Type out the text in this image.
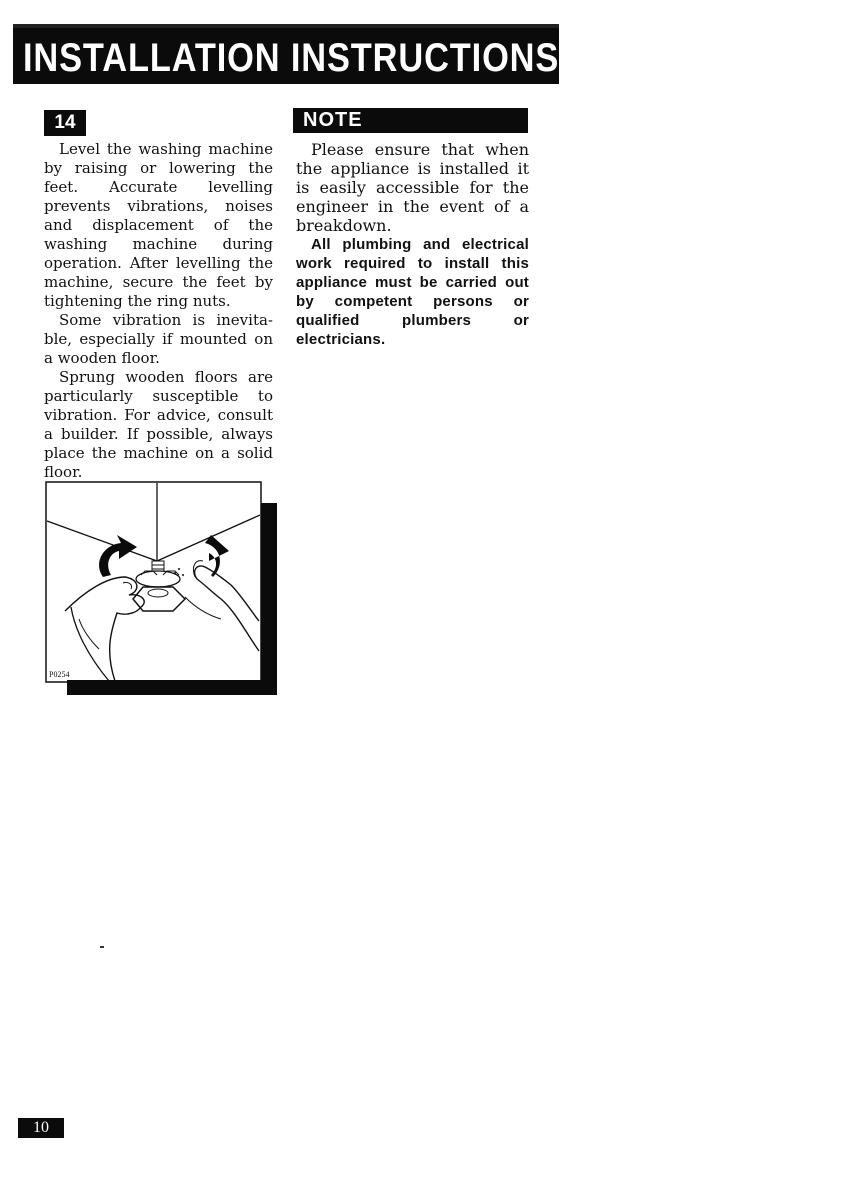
INSTALLATION INSTRUCTIONS
14

Level the washing machine by raising or lowering the feet. Accurate levelling prevents vibrations, noises and displacement of the washing machine during operation. After levelling the machine, secure the feet by tightening the ring nuts.

Some vibration is inevita-ble, especially if mounted on a wooden floor.

Sprung wooden floors are particularly susceptible to vibration. For advice, consult a builder. If possible, always place the machine on a solid floor.

NOTE

Please ensure that when the appliance is installed it is easily accessible for the engineer in the event of a breakdown.

All plumbing and electrical work required to install this appliance must be carried out by competent persons or qualified plumbers or electricians.

P0254
10
